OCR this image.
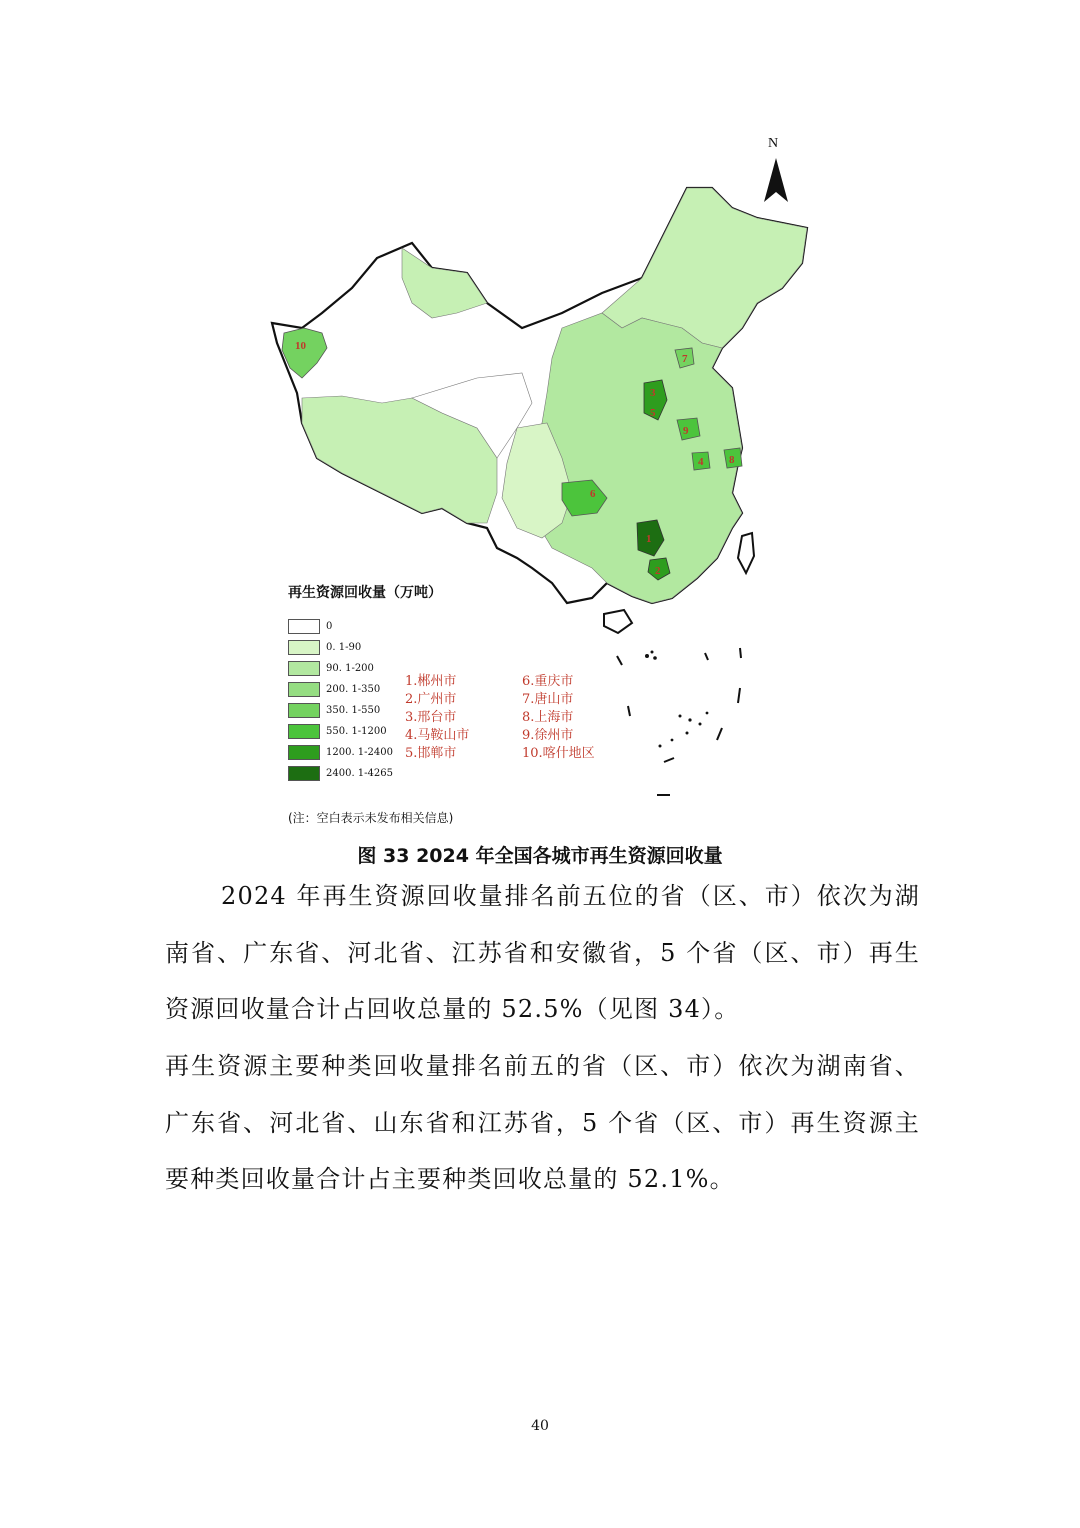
1
2
3
4
5
6
7
8
9
10
N
再生资源回收量（万吨）
0
0. 1-90
90. 1-200
200. 1-350
350. 1-550
550. 1-1200
1200. 1-2400
2400. 1-4265
1.郴州市
2.广州市
3.邢台市
4.马鞍山市
5.邯郸市
6.重庆市
7.唐山市
8.上海市
9.徐州市
10.喀什地区
(注：空白表示未发布相关信息)
图 33 2024 年全国各城市再生资源回收量

2024 年再生资源回收量排名前五位的省（区、市）依次为湖南省、广东省、河北省、江苏省和安徽省，5 个省（区、市）再生资源回收量合计占回收总量的 52.5%（见图 34）。

再生资源主要种类回收量排名前五的省（区、市）依次为湖南省、广东省、河北省、山东省和江苏省，5 个省（区、市）再生资源主要种类回收量合计占主要种类回收总量的 52.1%。

40
